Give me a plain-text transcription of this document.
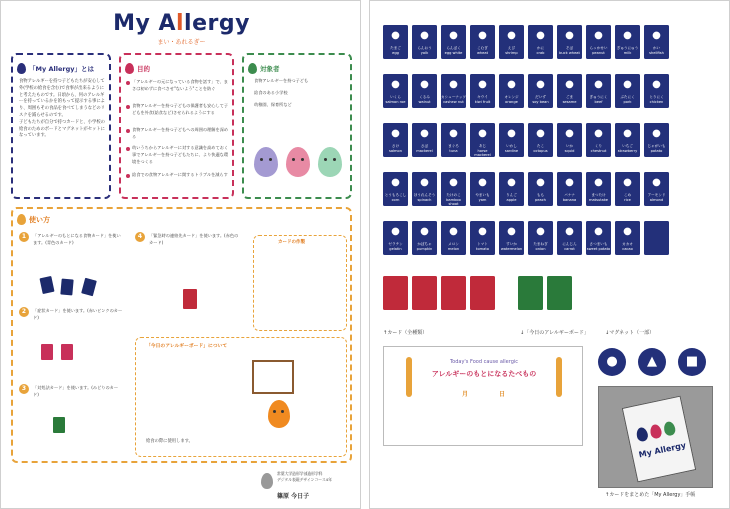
My Allergy
まい・あれるぎー
「My Allergy」とは
食物アレルギーを持つ子どもたちが安心して外(学校の給食を含む)で食事が出来るようにと考えたものです。日頃から、何のアレルギーを持っているかを的もって提示する事により、周囲もその食品を食べてしまうなどのリスクを減らせるのです。
子どもたちが自分で持つカードと、小学校の給食のためのボードとマグネットがセットになっています。
目的
「アレルギーの元になっている食物を話す」で、まさは初めずに食べさせ"ないよう"ことを防ぐ
食物アレルギーを持つ子どもの保護者も安心して子どもを外食(給食など)させられるようにする
食物アレルギーを持つ子どもへの周囲の理解を深める
幼いうちからアレルギーに対する意識を高めておく事でアレルギーを持つ子どもたちに、より快適な環境をつくる
給食での食物アレルギーに関するトラブルを減らす
対象者
食物アレルギーを持つ子ども
給食のある小学校
幼稚園、保育所など
使い方
1	「アレルギーのもとになる食物カード」を使います。(青色のカード)
2	「症状カード」を使います。(赤いピンクのカード)
3	「対処法カード」を使います。(みどりのカード)
4	「緊急時の連絡先カード」を使います。(赤色のカード)	カードの作製
「今日のアレルギーボード」について
給食の際に使用します。
常葉大学造形学部造形学科
デジタル表現デザインコース4年
篠原 今日子
↑カード（全種類）	↓「今日のアレルギーボード」	↓マグネット（一部）
Today's Food cause allergic
アレルギーのもとになるたべもの
月	日
●	▲	■
My Allergy
↑カードをまとめた「My Allergy」手帳
●
たまご
egg
●
らんおう
yolk
●
らんぱく
egg white
●
こむぎ
wheat
●
えび
shrimp
●
かに
crab
●
そば
buck wheat
●
らっかせい
peanut
●
ぎゅうにゅう
milk
●
かい
shellfish
●
いくら
salmon roe
●
くるみ
walnut
●
カシューナッツ
cashew nut
●
キウイ
kiwi fruit
●
オレンジ
orange
●
だいず
soy bean
●
ごま
sesame
●
ぎゅうにく
beef
●
ぶたにく
pork
●
とりにく
chicken
●
さけ
salmon
●
さば
mackerel
●
まぐろ
tuna
●
あじ
horse mackerel
●
いわし
sardine
●
たこ
octopus
●
いか
squid
●
くり
chestnut
●
いちご
strawberry
●
じゃがいも
potato
●
とうもろこし
corn
●
ほうれんそう
spinach
●
たけのこ
bamboo shoot
●
やまいも
yam
●
りんご
apple
●
もも
peach
●
バナナ
banana
●
まつたけ
matsutake
●
こめ
rice
●
アーモンド
almond
●
ゼラチン
gelatin
●
かぼちゃ
pumpkin
●
メロン
melon
●
トマト
tomato
●
すいか
watermelon
●
たまねぎ
onion
●
にんじん
carrot
●
さつまいも
sweet potato
●
カカオ
cacao
